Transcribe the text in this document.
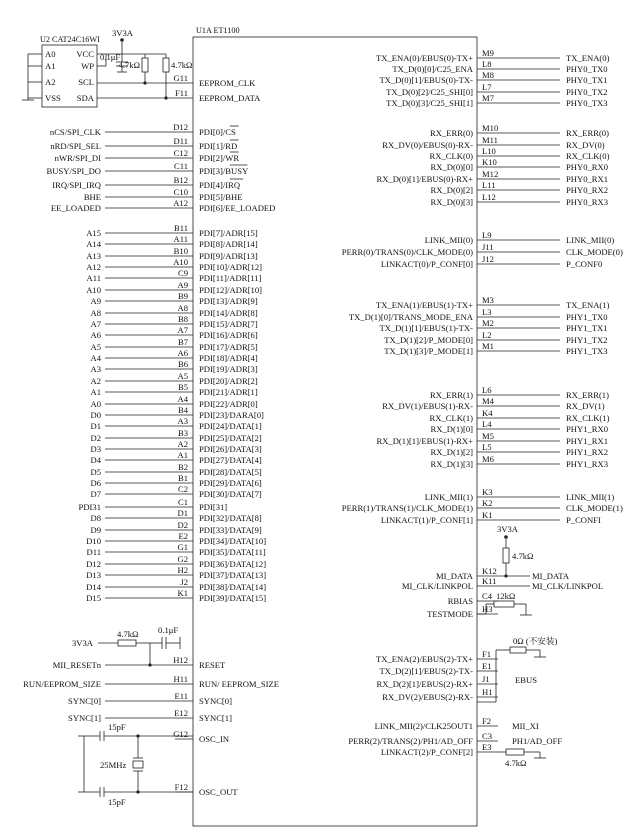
U1A ET1100
U2 CAT24C16WI
A0
A1
A2
VSS
VCC
WP
SCL
SDA
3V3A
0.1μF
4.7kΩ	4.7kΩ
G11 EEPROM_CLK
F11 EEPROM_DATA
D12 PDI[0]/CS
nCS/SPI_CLK
D11 PDI[1]/RD
nRD/SPI_SEL
C12 PDI[2]/WR
nWR/SPI_DI
C11 PDI[3]/BUSY
BUSY/SPI_DO
B12 PDI[4]/IRQ
IRQ/SPI_IRQ
C10 PDI[5]/BHE
BHE
A12 PDI[6]/EE_LOADED
EE_LOADED
B11 PDI[7]/ADR[15]
A15
A11 PDI[8]/ADR[14]
A14
B10 PDI[9]/ADR[13]
A13
A10 PDI[10]/ADR[12]
A12
C9 PDI[11]/ADR[11]
A11
A9 PDI[12]/ADR[10]
A10
B9 PDI[13]/ADR[9]
A9
A8 PDI[14]/ADR[8]
A8
B8 PDI[15]/ADR[7]
A7
A7 PDI[16]/ADR[6]
A6
B7 PDI[17]/ADR[5]
A5
A6 PDI[18]/ADR[4]
A4
B6 PDI[19]/ADR[3]
A3
A5 PDI[20]/ADR[2]
A2
B5 PDI[21]/ADR[1]
A1
A4 PDI[22]/ADR[0]
A0
B4 PDI[23]/DARA[0]
D0
A3 PDI[24]/DATA[1]
D1
B3 PDI[25]/DATA[2]
D2
A2 PDI[26]/DATA[3]
D3
A1 PDI[27]/DATA[4]
D4
B2 PDI[28]/DATA[5]
D5
B1 PDI[29]/DATA[6]
D6
C2 PDI[30]/DATA[7]
D7
C1 PDI[31]
PDI31
D1 PDI[32]/DATA[8]
D8
D2 PDI[33]/DATA[9]
D9
E2 PDI[34]/DATA[10]
D10
G1 PDI[35]/DATA[11]
D11
G2 PDI[36]/DATA[12]
D12
H2 PDI[37]/DATA[13]
D13
J2 PDI[38]/DATA[14]
D14
K1 PDI[39]/DATA[15]
D15
H12 RESET
MII_RESETn
H11 RUN/ EEPROM_SIZE
RUN/EEPROM_SIZE
E11 SYNC[0]
SYNC[0]
E12 SYNC[1]
SYNC[1]
G12 OSC_IN
F12 OSC_OUT
M9
TX_ENA(0)/EBUS(0)-TX+	TX_ENA(0)
L8
TX_D(0)[0]/C25_ENA	PHY0_TX0
M8
TX_D(0)[1]/EBUS(0)-TX-	PHY0_TX1
L7
TX_D(0)[2]/C25_SHI[0]	PHY0_TX2
M7
TX_D(0)[3]/C25_SHI[1]	PHY0_TX3
M10
RX_ERR(0)	RX_ERR(0)
M11
RX_DV(0)/EBUS(0)-RX-	RX_DV(0)
L10
RX_CLK(0)	RX_CLK(0)
K10
RX_D(0)[0]	PHY0_RX0
M12
RX_D(0)[1]/EBUS(0)-RX+	PHY0_RX1
L11
RX_D(0)[2]	PHY0_RX2
L12
RX_D(0)[3]	PHY0_RX3
L9
LINK_MII(0)	LINK_MII(0)
J11
PERR(0)/TRANS(0)/CLK_MODE(0)	CLK_MODE(0)
J12
LINKACT(0)/P_CONF[0]	P_CONF0
M3
TX_ENA(1)/EBUS(1)-TX+	TX_ENA(1)
L3
TX_D(1)[0]/TRANS_MODE_ENA	PHY1_TX0
M2
TX_D(1)[1]/EBUS(1)-TX-	PHY1_TX1
L2
TX_D(1)[2]/P_MODE[0]	PHY1_TX2
M1
TX_D(1)[3]/P_MODE[1]	PHY1_TX3
L6
RX_ERR(1)	RX_ERR(1)
M4
RX_DV(1)/EBUS(1)-RX-	RX_DV(1)
K4
RX_CLK(1)	RX_CLK(1)
L4
RX_D(1)[0]	PHY1_RX0
M5
RX_D(1)[1]/EBUS(1)-RX+	PHY1_RX1
L5
RX_D(1)[2]	PHY1_RX2
M6
RX_D(1)[3]	PHY1_RX3
K3
LINK_MII(1)	LINK_MII(1)
K2
PERR(1)/TRANS(1)/CLK_MODE(1)	CLK_MODE(1)
K1
LINKACT(1)/P_CONF[1]	P_CONFI
K12
MI_DATA	MI_DATA
K11
MI_CLK/LINKPOL	MI_CLK/LINKPOL
C4
RBIAS
H3
TESTMODE
F1
TX_ENA(2)/EBUS(2)-TX+
E1
TX_D(2)[1]/EBUS(2)-TX-
J1
RX_D(2)[1]/EBUS(2)-RX+
H1
RX_DV(2)/EBUS(2)-RX-
F2
LINK_MII(2)/CLK25OUT1	MII_XI
C3
PERR(2)/TRANS(2)/PH1/AD_OFF	PH1/AD_OFF
E3
LINKACT(2)/P_CONF[2]
3V3A
4.7kΩ 0.1μF
15pF
25MHz
15pF
3V3A
4.7kΩ
12kΩ
0Ω (不安装)
EBUS
4.7kΩ
